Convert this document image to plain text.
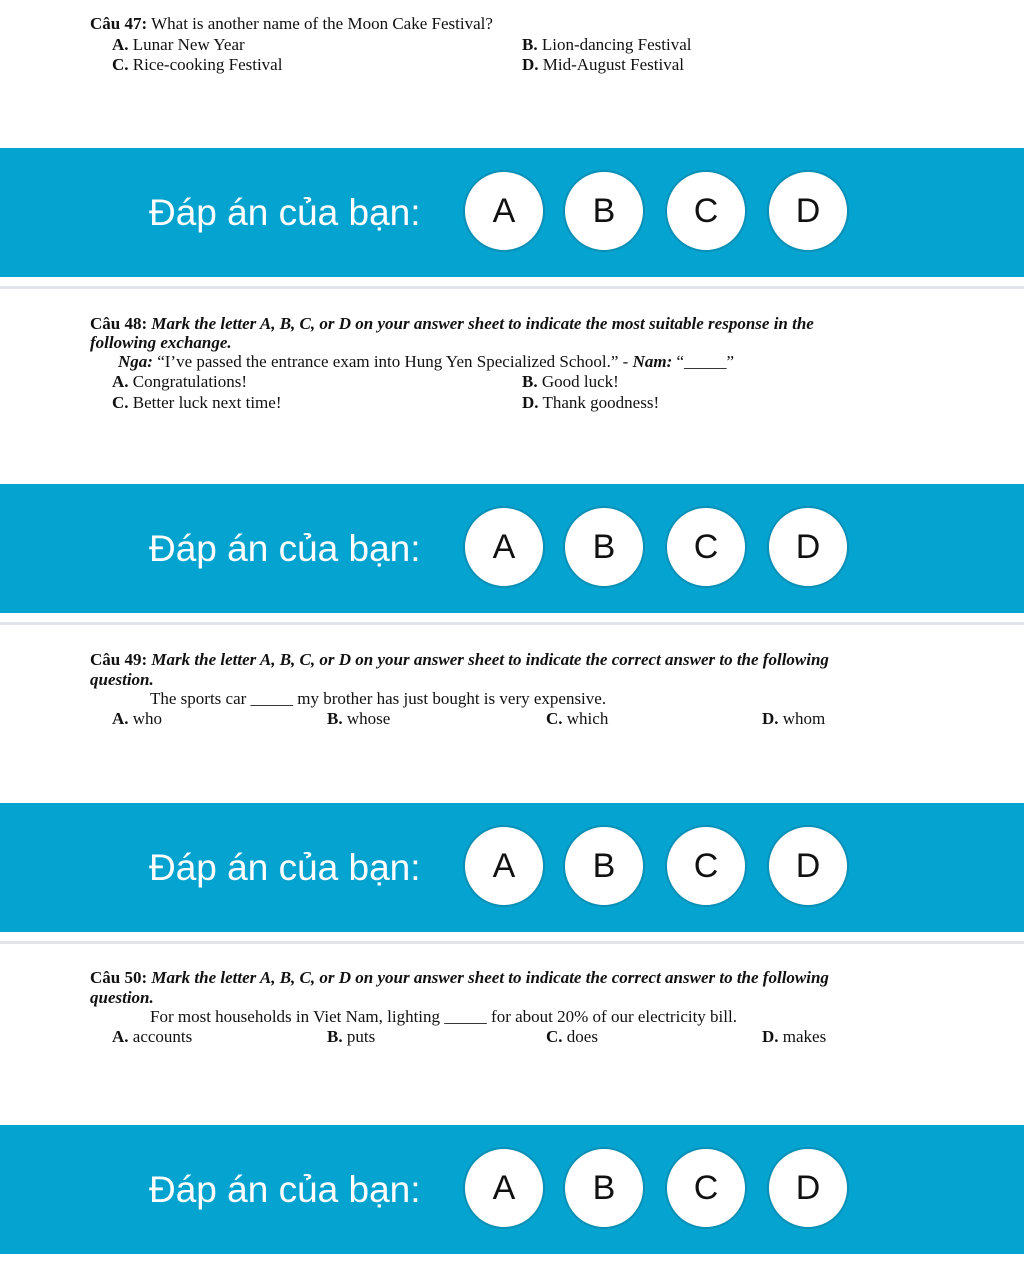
Câu 47: What is another name of the Moon Cake Festival?
A. Lunar New Year	B. Lion-dancing Festival
C. Rice-cooking Festival	D. Mid-August Festival
Đáp án của bạn:	A	B	C	D
Câu 48: Mark the letter A, B, C, or D on your answer sheet to indicate the most suitable response in the
following exchange.
Nga: “I’ve passed the entrance exam into Hung Yen Specialized School.” - Nam: “_____”
A. Congratulations!	B. Good luck!
C. Better luck next time!	D. Thank goodness!
Đáp án của bạn:	A	B	C	D
Câu 49: Mark the letter A, B, C, or D on your answer sheet to indicate the correct answer to the following
question.
The sports car _____ my brother has just bought is very expensive.
A. who	B. whose	C. which	D. whom
Đáp án của bạn:	A	B	C	D
Câu 50: Mark the letter A, B, C, or D on your answer sheet to indicate the correct answer to the following
question.
For most households in Viet Nam, lighting _____ for about 20% of our electricity bill.
A. accounts	B. puts	C. does	D. makes
Đáp án của bạn:	A	B	C	D
